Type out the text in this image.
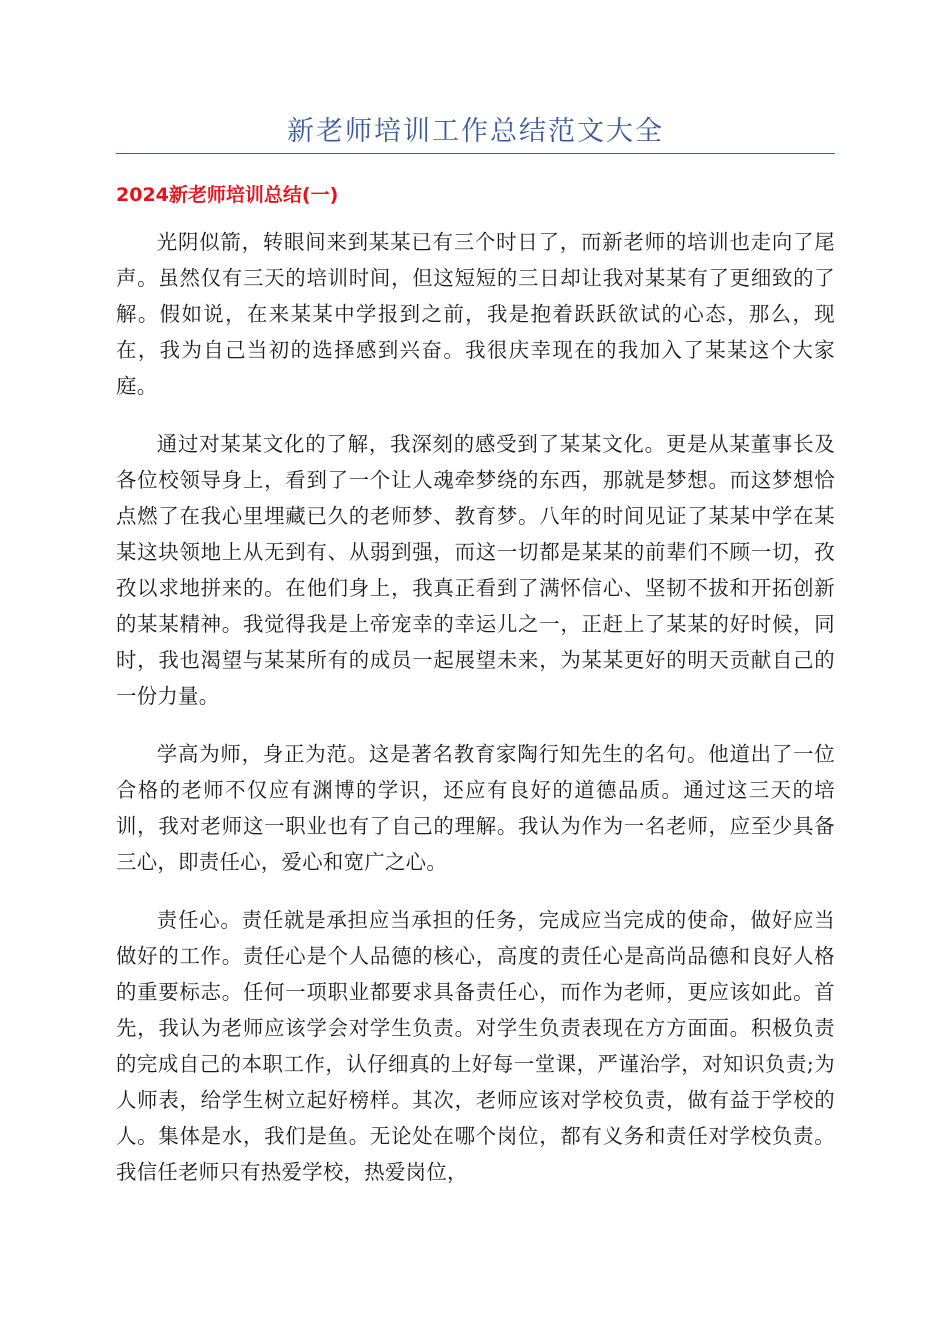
新老师培训工作总结范文大全
2024新老师培训总结(一)

光阴似箭，转眼间来到某某已有三个时日了，而新老师的培训也走向了尾声。虽然仅有三天的培训时间，但这短短的三日却让我对某某有了更细致的了解。假如说，在来某某中学报到之前，我是抱着跃跃欲试的心态，那么，现在，我为自己当初的选择感到兴奋。我很庆幸现在的我加入了某某这个大家庭。

通过对某某文化的了解，我深刻的感受到了某某文化。更是从某董事长及各位校领导身上，看到了一个让人魂牵梦绕的东西，那就是梦想。而这梦想恰点燃了在我心里埋藏已久的老师梦、教育梦。八年的时间见证了某某中学在某某这块领地上从无到有、从弱到强，而这一切都是某某的前辈们不顾一切，孜孜以求地拼来的。在他们身上，我真正看到了满怀信心、坚韧不拔和开拓创新的某某精神。我觉得我是上帝宠幸的幸运儿之一，正赶上了某某的好时候，同时，我也渴望与某某所有的成员一起展望未来，为某某更好的明天贡献自己的一份力量。

学高为师，身正为范。这是著名教育家陶行知先生的名句。他道出了一位合格的老师不仅应有渊博的学识，还应有良好的道德品质。通过这三天的培训，我对老师这一职业也有了自己的理解。我认为作为一名老师，应至少具备三心，即责任心，爱心和宽广之心。

责任心。责任就是承担应当承担的任务，完成应当完成的使命，做好应当做好的工作。责任心是个人品德的核心，高度的责任心是高尚品德和良好人格的重要标志。任何一项职业都要求具备责任心，而作为老师，更应该如此。首先，我认为老师应该学会对学生负责。对学生负责表现在方方面面。积极负责的完成自己的本职工作，认仔细真的上好每一堂课，严谨治学，对知识负责;为人师表，给学生树立起好榜样。其次，老师应该对学校负责，做有益于学校的人。集体是水，我们是鱼。无论处在哪个岗位，都有义务和责任对学校负责。我信任老师只有热爱学校，热爱岗位，
